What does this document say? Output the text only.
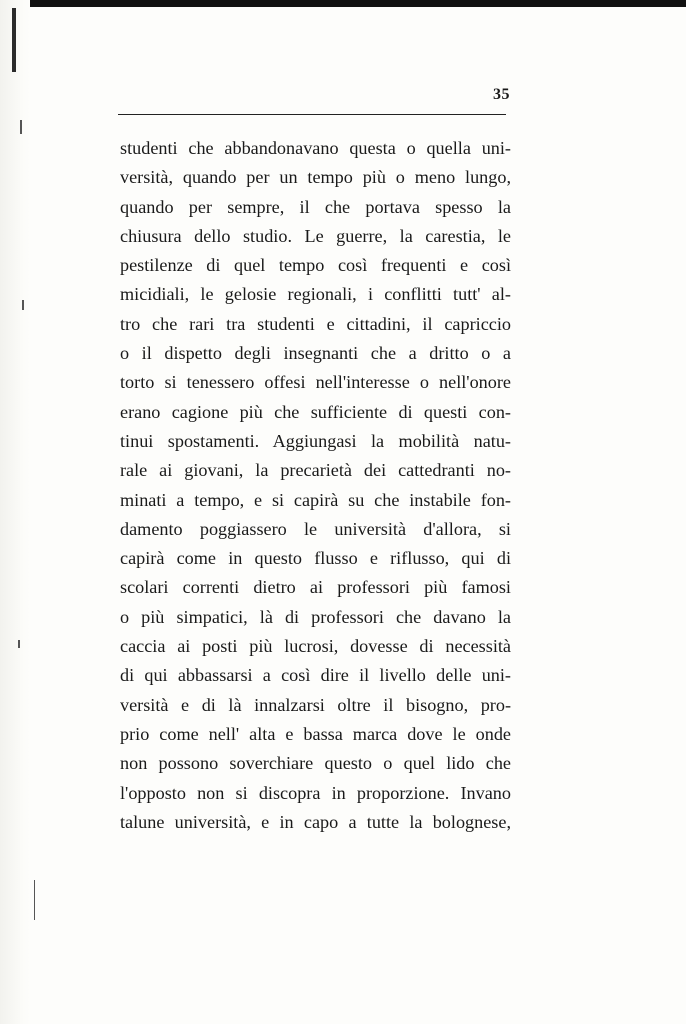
35
studenti che abbandonavano questa o quella uni-
versità, quando per un tempo più o meno lungo,
quando per sempre, il che portava spesso la
chiusura dello studio. Le guerre, la carestia, le
pestilenze di quel tempo così frequenti e così
micidiali, le gelosie regionali, i conflitti tutt' al-
tro che rari tra studenti e cittadini, il capriccio
o il dispetto degli insegnanti che a dritto o a
torto si tenessero offesi nell'interesse o nell'onore
erano cagione più che sufficiente di questi con-
tinui spostamenti. Aggiungasi la mobilità natu-
rale ai giovani, la precarietà dei cattedranti no-
minati a tempo, e si capirà su che instabile fon-
damento poggiassero le università d'allora, si
capirà come in questo flusso e riflusso, qui di
scolari correnti dietro ai professori più famosi
o più simpatici, là di professori che davano la
caccia ai posti più lucrosi, dovesse di necessità
di qui abbassarsi a così dire il livello delle uni-
versità e di là innalzarsi oltre il bisogno, pro-
prio come nell' alta e bassa marca dove le onde
non possono soverchiare questo o quel lido che
l'opposto non si discopra in proporzione. Invano
talune università, e in capo a tutte la bolognese,
